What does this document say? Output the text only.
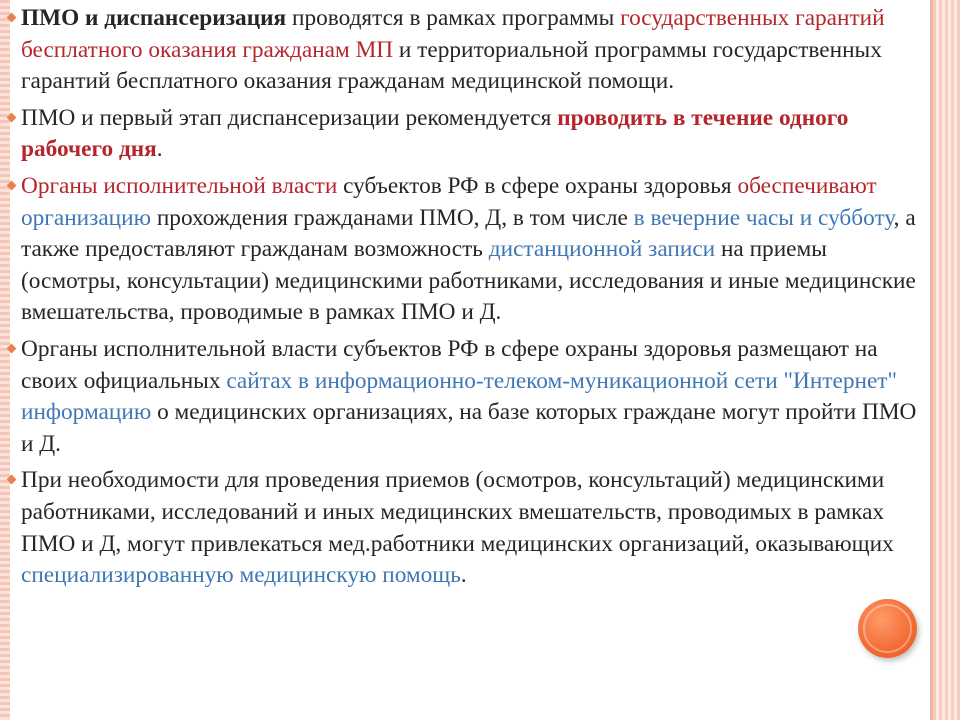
ПМО и диспансеризация проводятся в рамках программы государственных гарантий бесплатного оказания гражданам МП и территориальной программы государственных гарантий бесплатного оказания гражданам медицинской помощи.
ПМО и первый этап диспансеризации рекомендуется проводить в течение одного рабочего дня.
Органы исполнительной власти субъектов РФ в сфере охраны здоровья обеспечивают организацию прохождения гражданами ПМО, Д, в том числе в вечерние часы и субботу, а также предоставляют гражданам возможность дистанционной записи на приемы (осмотры, консультации) медицинскими работниками, исследования и иные медицинские вмешательства, проводимые в рамках ПМО и Д.
Органы исполнительной власти субъектов РФ в сфере охраны здоровья размещают на своих официальных сайтах в информационно-телеком-муникационной сети "Интернет" информацию о медицинских организациях, на базе которых граждане могут пройти ПМО и Д.
При необходимости для проведения приемов (осмотров, консультаций) медицинскими работниками, исследований и иных медицинских вмешательств, проводимых в рамках ПМО и Д, могут привлекаться мед.работники медицинских организаций, оказывающих специализированную медицинскую помощь.
